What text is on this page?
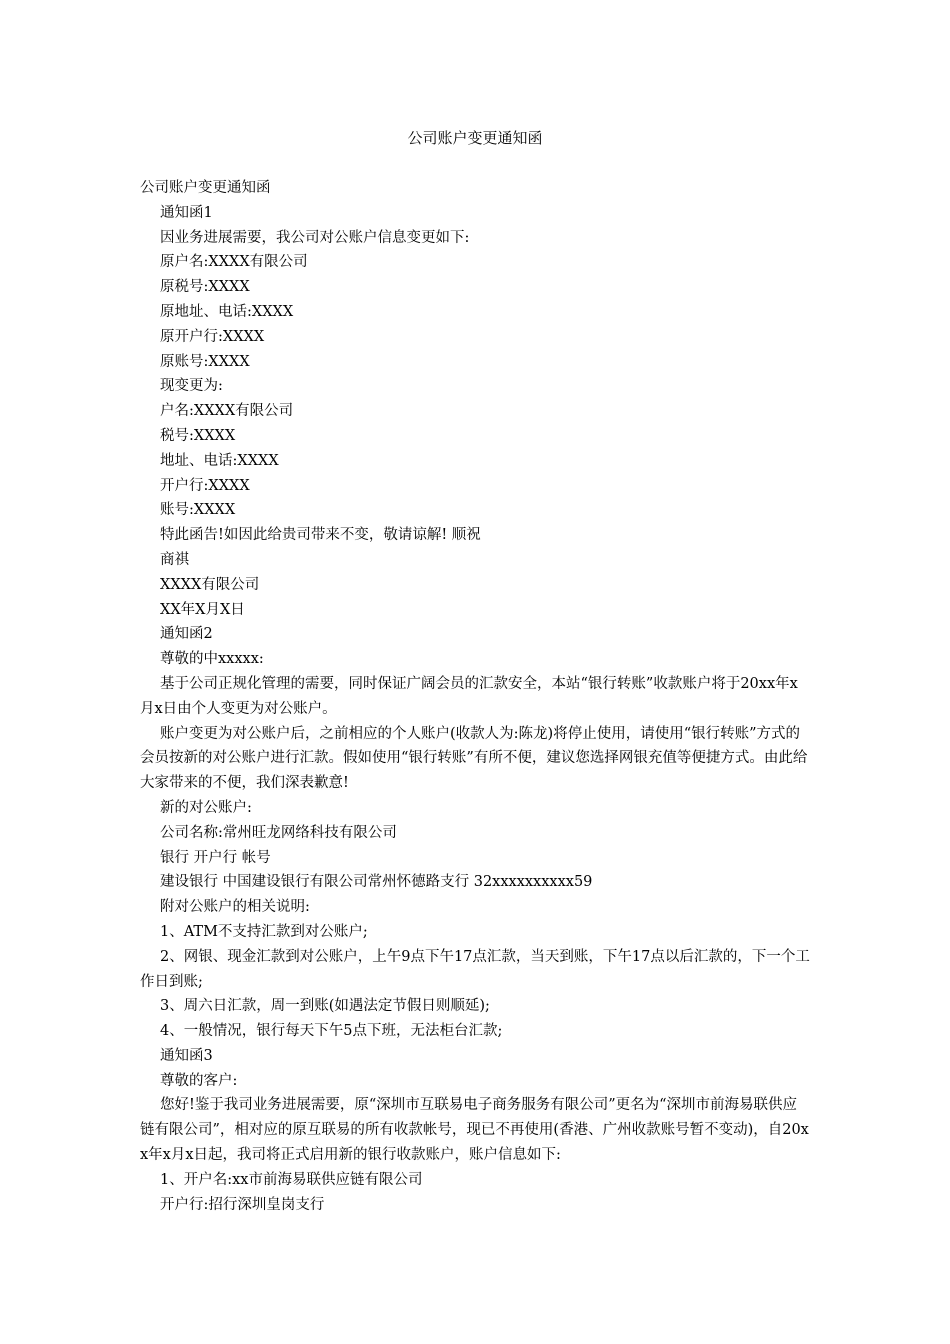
公司账户变更通知函

公司账户变更通知函

通知函1

因业务进展需要，我公司对公账户信息变更如下:

原户名:XXXX有限公司

原税号:XXXX

原地址、电话:XXXX

原开户行:XXXX

原账号:XXXX

现变更为:

户名:XXXX有限公司

税号:XXXX

地址、电话:XXXX

开户行:XXXX

账号:XXXX

特此函告!如因此给贵司带来不变，敬请谅解! 顺祝

商祺

XXXX有限公司

XX年X月X日

通知函2

尊敬的中xxxxx:

基于公司正规化管理的需要，同时保证广阔会员的汇款安全，本站“银行转账”收款账户将于20xx年x月x日由个人变更为对公账户。

账户变更为对公账户后，之前相应的个人账户(收款人为:陈龙)将停止使用，请使用“银行转账”方式的会员按新的对公账户进行汇款。假如使用“银行转账”有所不便，建议您选择网银充值等便捷方式。由此给大家带来的不便，我们深表歉意!

新的对公账户:

公司名称:常州旺龙网络科技有限公司

银行 开户行 帐号

建设银行 中国建设银行有限公司常州怀德路支行 32xxxxxxxxxx59

附对公账户的相关说明:

1、ATM不支持汇款到对公账户;

2、网银、现金汇款到对公账户，上午9点下午17点汇款，当天到账，下午17点以后汇款的，下一个工作日到账;

3、周六日汇款，周一到账(如遇法定节假日则顺延);

4、一般情况，银行每天下午5点下班，无法柜台汇款;

通知函3

尊敬的客户:

您好!鉴于我司业务进展需要，原“深圳市互联易电子商务服务有限公司”更名为“深圳市前海易联供应链有限公司”，相对应的原互联易的所有收款帐号，现已不再使用(香港、广州收款账号暂不变动)，自20xx年x月x日起，我司将正式启用新的银行收款账户，账户信息如下:

1、开户名:xx市前海易联供应链有限公司

开户行:招行深圳皇岗支行
